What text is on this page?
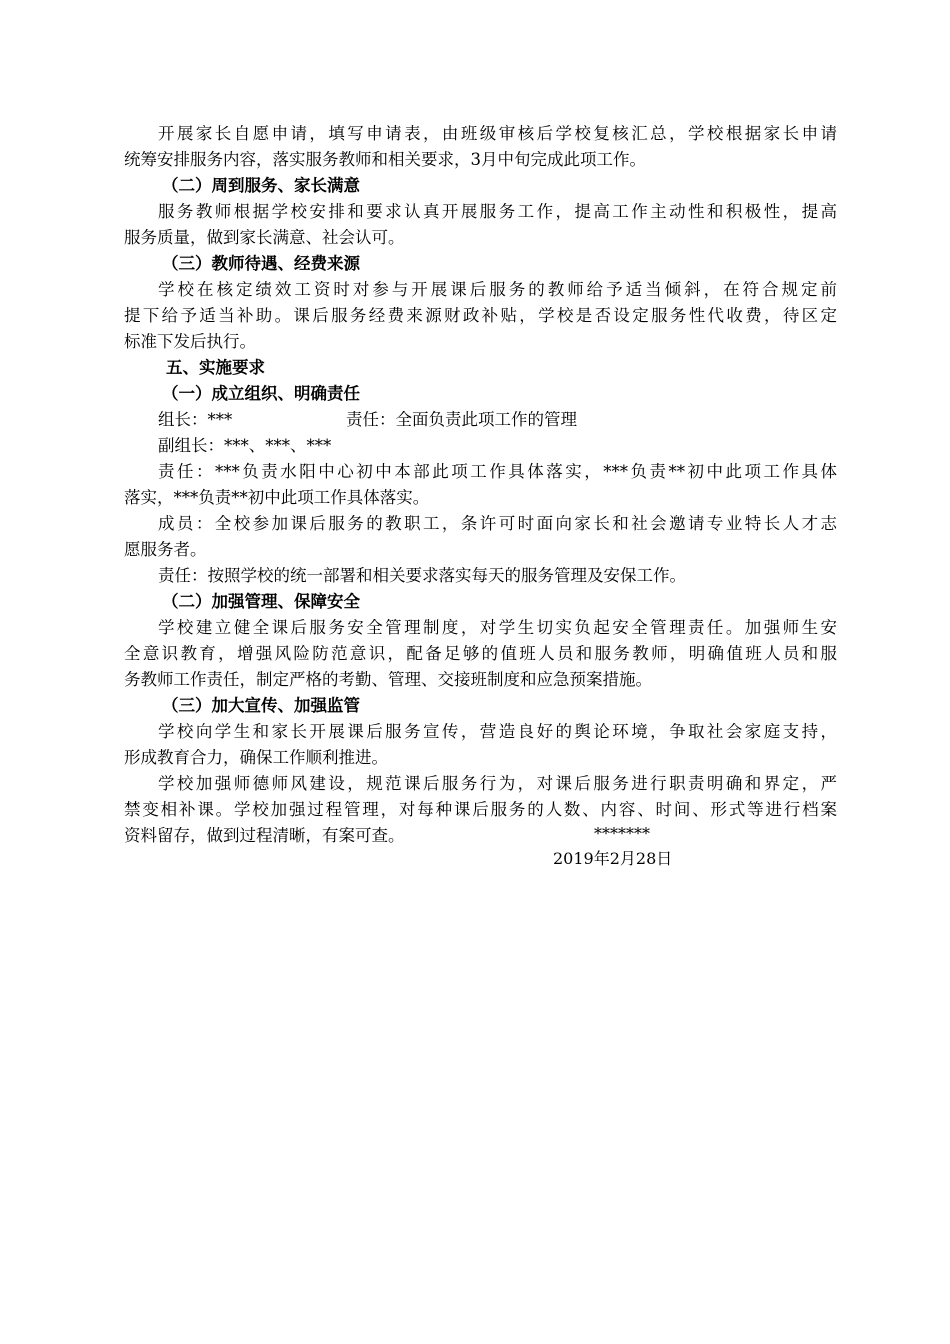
开展家长自愿申请，填写申请表，由班级审核后学校复核汇总，学校根据家长申请
统筹安排服务内容，落实服务教师和相关要求，3月中旬完成此项工作。
（二）周到服务、家长满意
服务教师根据学校安排和要求认真开展服务工作，提高工作主动性和积极性，提高
服务质量，做到家长满意、社会认可。
（三）教师待遇、经费来源
学校在核定绩效工资时对参与开展课后服务的教师给予适当倾斜，在符合规定前
提下给予适当补助。课后服务经费来源财政补贴，学校是否设定服务性代收费，待区定
标准下发后执行。
五、实施要求
（一）成立组织、明确责任
组长：***	责任：全面负责此项工作的管理
副组长：***、***、***
责任：***负责水阳中心初中本部此项工作具体落实，***负责**初中此项工作具体
落实，***负责**初中此项工作具体落实。
成员：全校参加课后服务的教职工，条许可时面向家长和社会邀请专业特长人才志
愿服务者。
责任：按照学校的统一部署和相关要求落实每天的服务管理及安保工作。
（二）加强管理、保障安全
学校建立健全课后服务安全管理制度，对学生切实负起安全管理责任。加强师生安
全意识教育，增强风险防范意识，配备足够的值班人员和服务教师，明确值班人员和服
务教师工作责任，制定严格的考勤、管理、交接班制度和应急预案措施。
（三）加大宣传、加强监管
学校向学生和家长开展课后服务宣传，营造良好的舆论环境，争取社会家庭支持，
形成教育合力，确保工作顺利推进。
学校加强师德师风建设，规范课后服务行为，对课后服务进行职责明确和界定，严
禁变相补课。学校加强过程管理，对每种课后服务的人数、内容、时间、形式等进行档案
资料留存，做到过程清晰，有案可查。	*******
2019年2月28日
